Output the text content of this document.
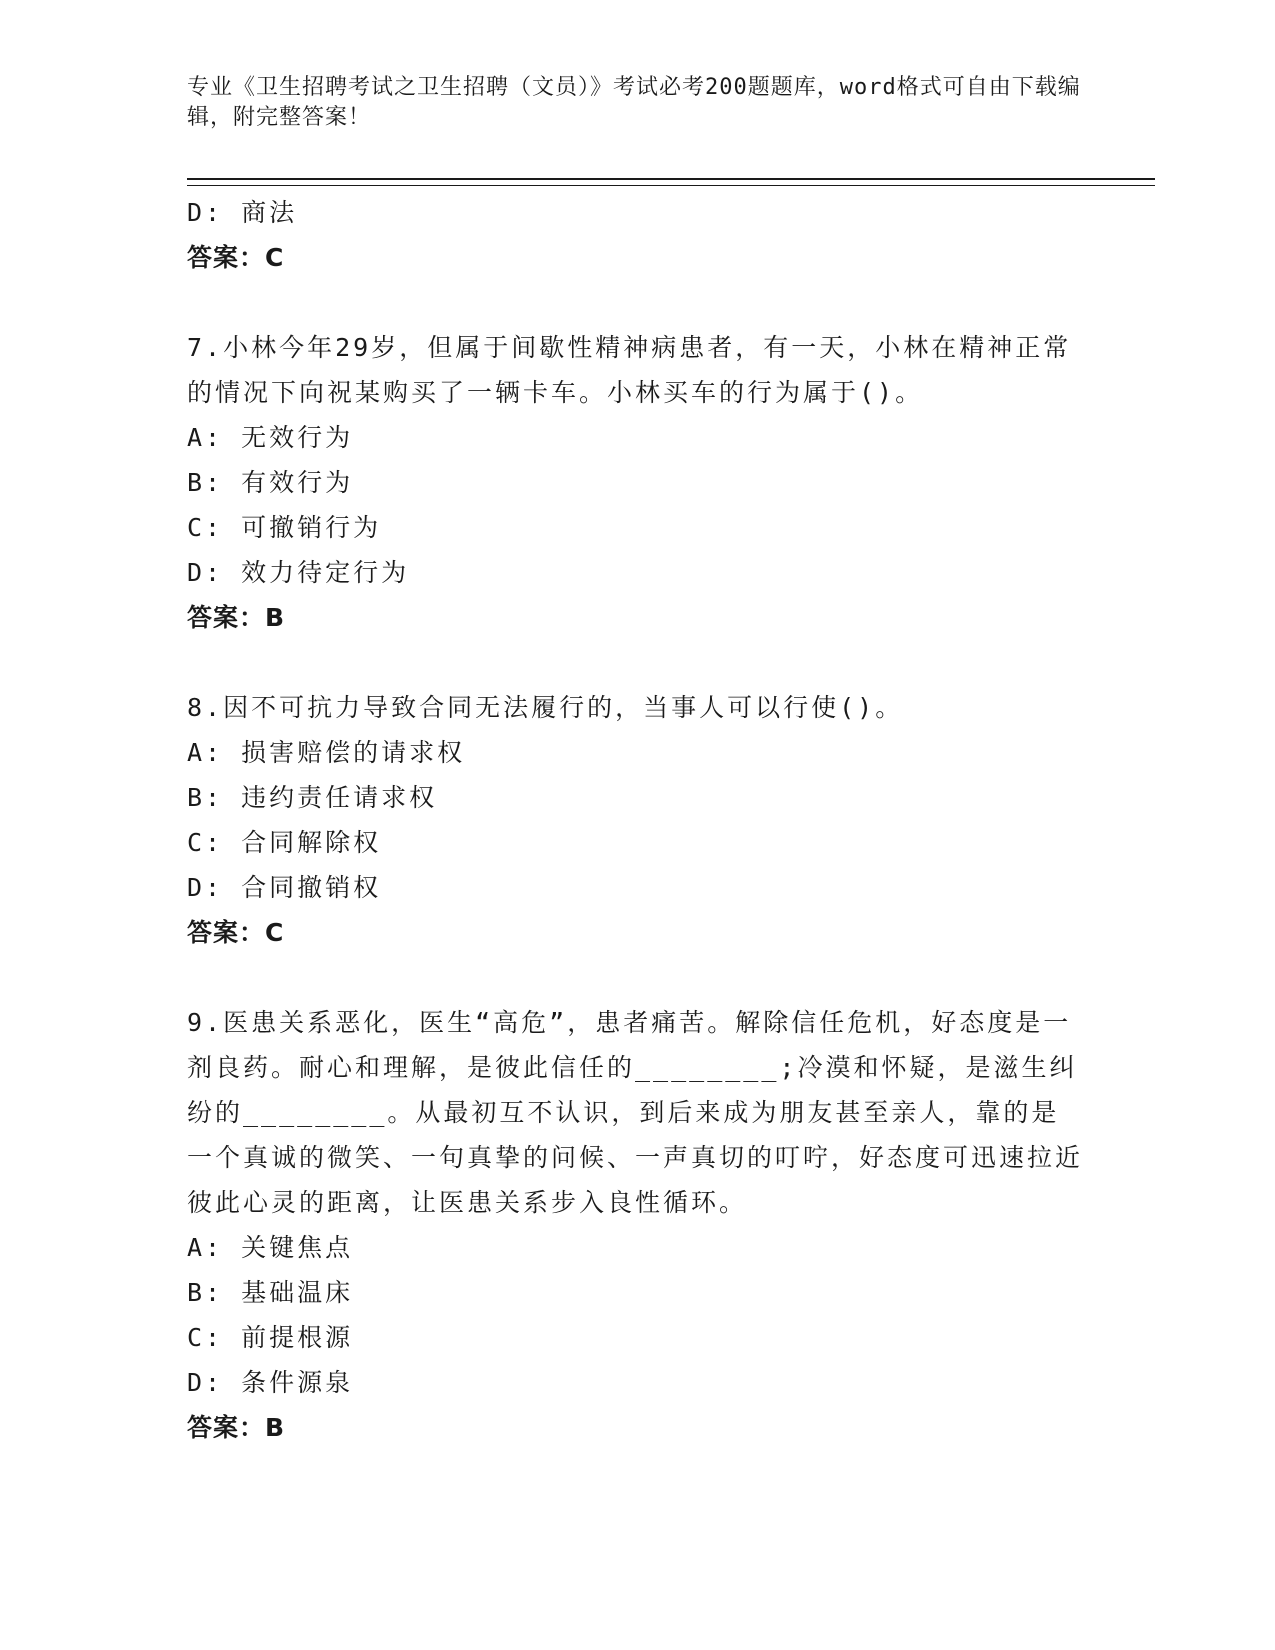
专业《卫生招聘考试之卫生招聘（文员）》考试必考200题题库，word格式可自由下载编辑，附完整答案！
D: 商法
答案：C
7.小林今年29岁，但属于间歇性精神病患者，有一天，小林在精神正常的情况下向祝某购买了一辆卡车。小林买车的行为属于()。
A: 无效行为
B: 有效行为
C: 可撤销行为
D: 效力待定行为
答案：B
8.因不可抗力导致合同无法履行的，当事人可以行使()。
A: 损害赔偿的请求权
B: 违约责任请求权
C: 合同解除权
D: 合同撤销权
答案：C
9.医患关系恶化，医生“高危”，患者痛苦。解除信任危机，好态度是一剂良药。耐心和理解，是彼此信任的________;冷漠和怀疑，是滋生纠纷的________。从最初互不认识，到后来成为朋友甚至亲人，靠的是一个真诚的微笑、一句真挚的问候、一声真切的叮咛，好态度可迅速拉近彼此心灵的距离，让医患关系步入良性循环。
A: 关键焦点
B: 基础温床
C: 前提根源
D: 条件源泉
答案：B
